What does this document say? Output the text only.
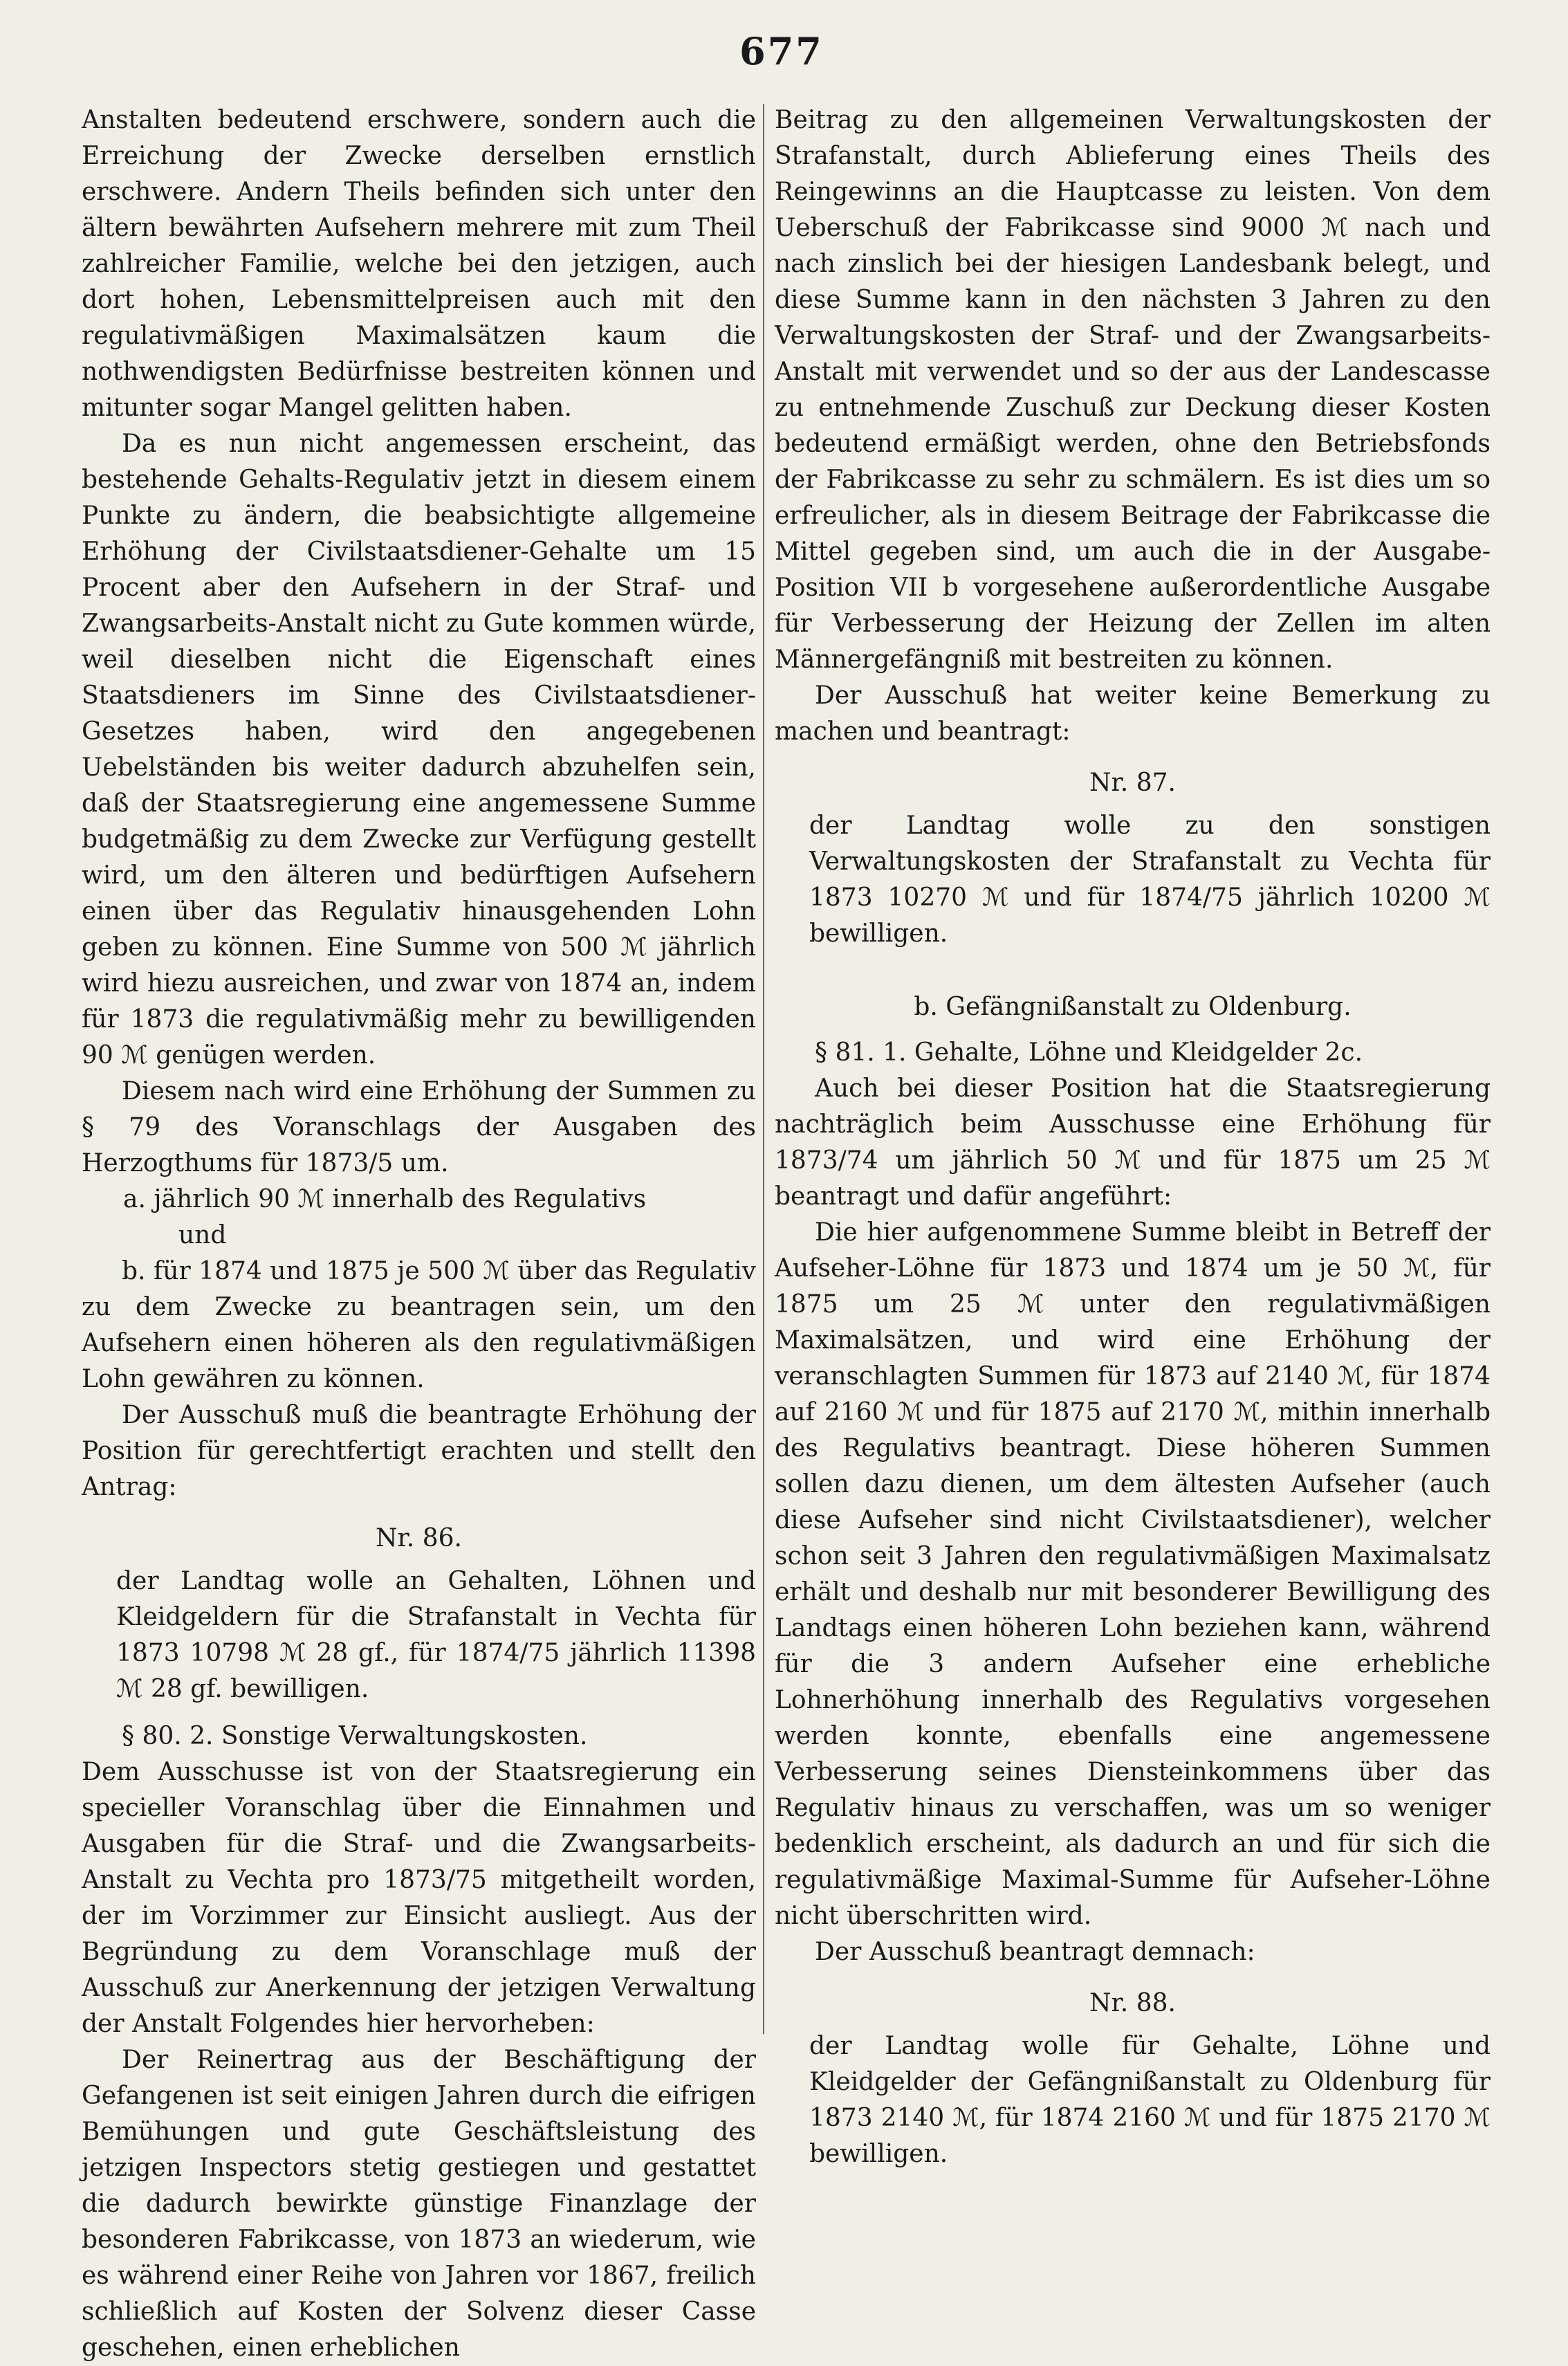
677

Anstalten bedeutend erschwere, sondern auch die Erreichung der Zwecke derselben ernstlich erschwere. Andern Theils befinden sich unter den ältern bewährten Aufsehern mehrere mit zum Theil zahlreicher Familie, welche bei den jetzigen, auch dort hohen, Lebensmittelpreisen auch mit den regulativmäßigen Maximalsätzen kaum die nothwendigsten Bedürfnisse bestreiten können und mitunter sogar Mangel gelitten haben.

Da es nun nicht angemessen erscheint, das bestehende Gehalts-Regulativ jetzt in diesem einem Punkte zu ändern, die beabsichtigte allgemeine Erhöhung der Civilstaatsdiener-Gehalte um 15 Procent aber den Aufsehern in der Straf- und Zwangsarbeits-Anstalt nicht zu Gute kommen würde, weil dieselben nicht die Eigenschaft eines Staatsdieners im Sinne des Civilstaatsdiener-Gesetzes haben, wird den angegebenen Uebelständen bis weiter dadurch abzuhelfen sein, daß der Staatsregierung eine angemessene Summe budgetmäßig zu dem Zwecke zur Verfügung gestellt wird, um den älteren und bedürftigen Aufsehern einen über das Regulativ hinausgehenden Lohn geben zu können. Eine Summe von 500 ℳ jährlich wird hiezu ausreichen, und zwar von 1874 an, indem für 1873 die regulativmäßig mehr zu bewilligenden 90 ℳ genügen werden.

Diesem nach wird eine Erhöhung der Summen zu § 79 des Voranschlags der Ausgaben des Herzogthums für 1873/5 um.

a. jährlich 90 ℳ innerhalb des Regulativs

und

b. für 1874 und 1875 je 500 ℳ über das Regulativ zu dem Zwecke zu beantragen sein, um den Aufsehern einen höheren als den regulativmäßigen Lohn gewähren zu können.

Der Ausschuß muß die beantragte Erhöhung der Position für gerechtfertigt erachten und stellt den Antrag:

Nr. 86.

der Landtag wolle an Gehalten, Löhnen und Kleidgeldern für die Strafanstalt in Vechta für 1873 10798 ℳ 28 gf., für 1874/75 jährlich 11398 ℳ 28 gf. bewilligen.

§ 80. 2. Sonstige Verwaltungskosten.

Dem Ausschusse ist von der Staatsregierung ein specieller Voranschlag über die Einnahmen und Ausgaben für die Straf- und die Zwangsarbeits-Anstalt zu Vechta pro 1873/75 mitgetheilt worden, der im Vorzimmer zur Einsicht ausliegt. Aus der Begründung zu dem Voranschlage muß der Ausschuß zur Anerkennung der jetzigen Verwaltung der Anstalt Folgendes hier hervorheben:

Der Reinertrag aus der Beschäftigung der Gefangenen ist seit einigen Jahren durch die eifrigen Bemühungen und gute Geschäftsleistung des jetzigen Inspectors stetig gestiegen und gestattet die dadurch bewirkte günstige Finanzlage der besonderen Fabrikcasse, von 1873 an wiederum, wie es während einer Reihe von Jahren vor 1867, freilich schließlich auf Kosten der Solvenz dieser Casse geschehen, einen erheblichen

Beitrag zu den allgemeinen Verwaltungskosten der Strafanstalt, durch Ablieferung eines Theils des Reingewinns an die Hauptcasse zu leisten. Von dem Ueberschuß der Fabrikcasse sind 9000 ℳ nach und nach zinslich bei der hiesigen Landesbank belegt, und diese Summe kann in den nächsten 3 Jahren zu den Verwaltungskosten der Straf- und der Zwangsarbeits-Anstalt mit verwendet und so der aus der Landescasse zu entnehmende Zuschuß zur Deckung dieser Kosten bedeutend ermäßigt werden, ohne den Betriebsfonds der Fabrikcasse zu sehr zu schmälern. Es ist dies um so erfreulicher, als in diesem Beitrage der Fabrikcasse die Mittel gegeben sind, um auch die in der Ausgabe-Position VII b vorgesehene außerordentliche Ausgabe für Verbesserung der Heizung der Zellen im alten Männergefängniß mit bestreiten zu können.

Der Ausschuß hat weiter keine Bemerkung zu machen und beantragt:

Nr. 87.

der Landtag wolle zu den sonstigen Verwaltungskosten der Strafanstalt zu Vechta für 1873 10270 ℳ und für 1874/75 jährlich 10200 ℳ bewilligen.

b. Gefängnißanstalt zu Oldenburg.

§ 81. 1. Gehalte, Löhne und Kleidgelder 2c.

Auch bei dieser Position hat die Staatsregierung nachträglich beim Ausschusse eine Erhöhung für 1873/74 um jährlich 50 ℳ und für 1875 um 25 ℳ beantragt und dafür angeführt:

Die hier aufgenommene Summe bleibt in Betreff der Aufseher-Löhne für 1873 und 1874 um je 50 ℳ, für 1875 um 25 ℳ unter den regulativmäßigen Maximalsätzen, und wird eine Erhöhung der veranschlagten Summen für 1873 auf 2140 ℳ, für 1874 auf 2160 ℳ und für 1875 auf 2170 ℳ, mithin innerhalb des Regulativs beantragt. Diese höheren Summen sollen dazu dienen, um dem ältesten Aufseher (auch diese Aufseher sind nicht Civilstaatsdiener), welcher schon seit 3 Jahren den regulativmäßigen Maximalsatz erhält und deshalb nur mit besonderer Bewilligung des Landtags einen höheren Lohn beziehen kann, während für die 3 andern Aufseher eine erhebliche Lohnerhöhung innerhalb des Regulativs vorgesehen werden konnte, ebenfalls eine angemessene Verbesserung seines Diensteinkommens über das Regulativ hinaus zu verschaffen, was um so weniger bedenklich erscheint, als dadurch an und für sich die regulativmäßige Maximal-Summe für Aufseher-Löhne nicht überschritten wird.

Der Ausschuß beantragt demnach:

Nr. 88.

der Landtag wolle für Gehalte, Löhne und Kleidgelder der Gefängnißanstalt zu Oldenburg für 1873 2140 ℳ, für 1874 2160 ℳ und für 1875 2170 ℳ bewilligen.
